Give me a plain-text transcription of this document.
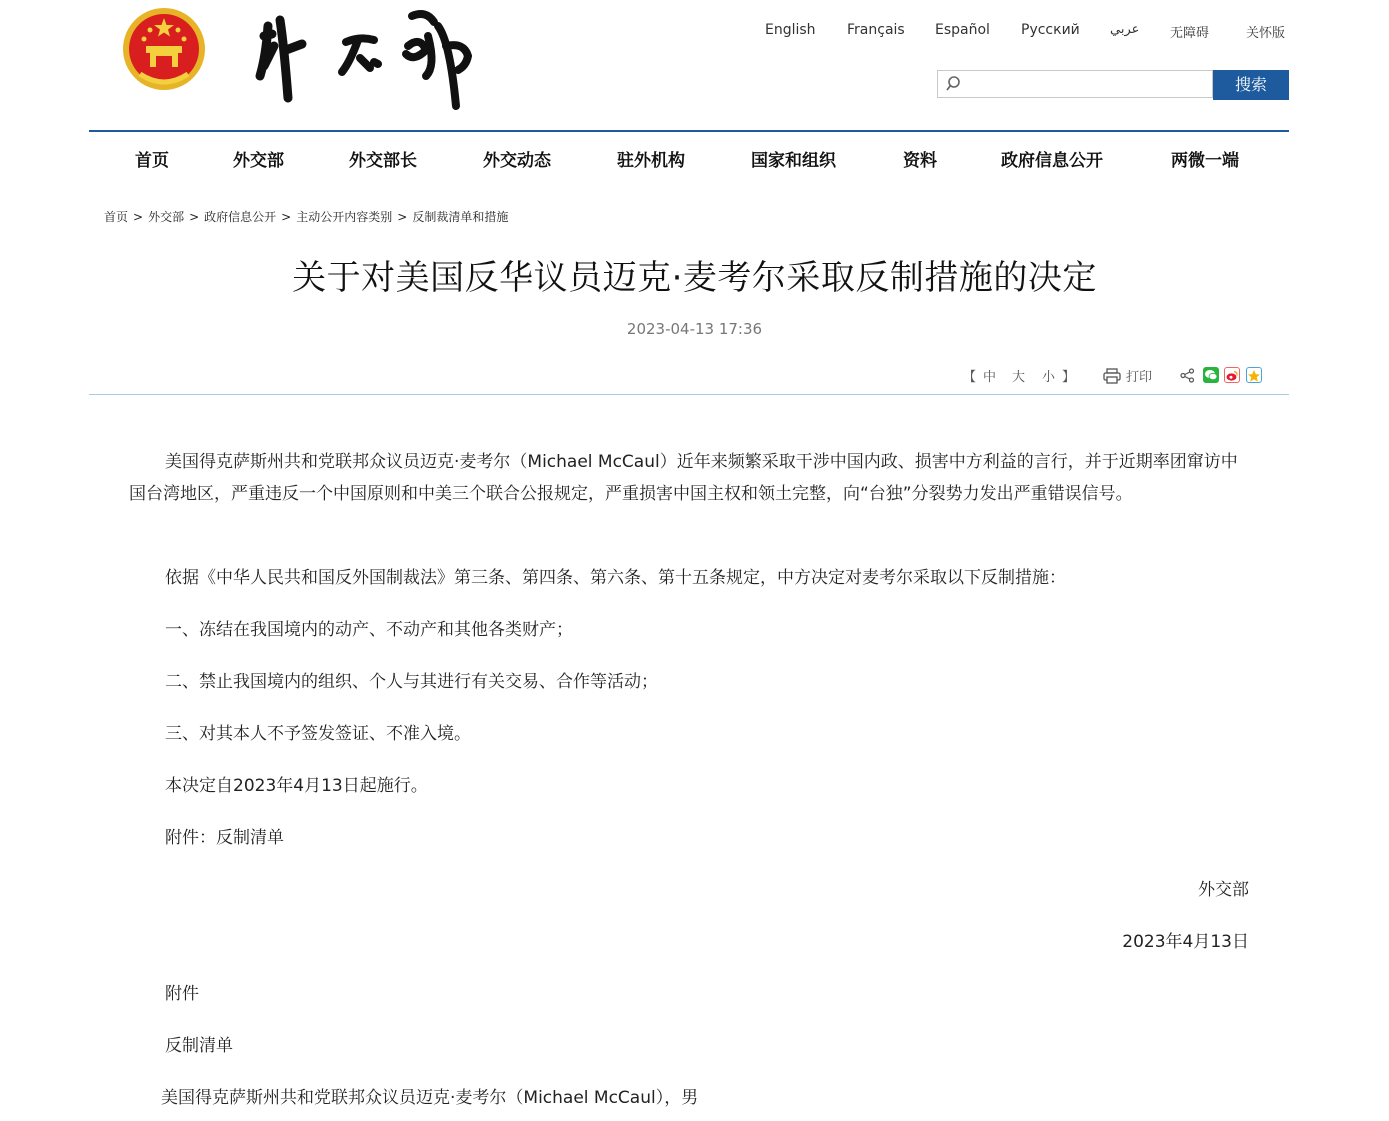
English Français Español Русский عربي 无障碍	关怀版
搜索
首页	外交部	外交部长	外交动态	驻外机构	国家和组织	资料	政府信息公开	两微一端
首页 > 外交部 > 政府信息公开 > 主动公开内容类别 > 反制裁清单和措施
关于对美国反华议员迈克·麦考尔采取反制措施的决定
2023-04-13 17:36
【 中 大 小 】	打印
美国得克萨斯州共和党联邦众议员迈克·麦考尔（Michael McCaul）近年来频繁采取干涉中国内政、损害中方利益的言行，并于近期率团窜访中国台湾地区，严重违反一个中国原则和中美三个联合公报规定，严重损害中国主权和领土完整，向“台独”分裂势力发出严重错误信号。
依据《中华人民共和国反外国制裁法》第三条、第四条、第六条、第十五条规定，中方决定对麦考尔采取以下反制措施：
一、冻结在我国境内的动产、不动产和其他各类财产；
二、禁止我国境内的组织、个人与其进行有关交易、合作等活动；
三、对其本人不予签发签证、不准入境。
本决定自2023年4月13日起施行。
附件：反制清单
外交部
2023年4月13日
附件
反制清单
美国得克萨斯州共和党联邦众议员迈克·麦考尔（Michael McCaul），男
